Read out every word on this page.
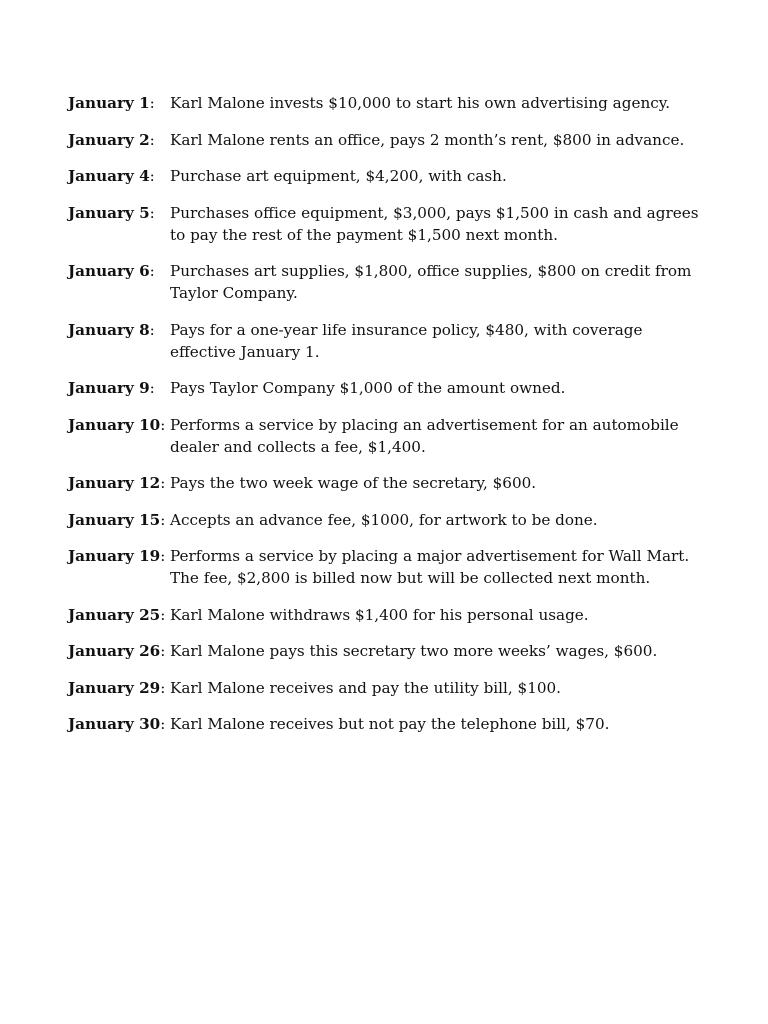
January 1:	Karl Malone invests $10,000 to start his own advertising agency.
January 2:	Karl Malone rents an office, pays 2 month’s rent, $800 in advance.
January 4:	Purchase art equipment, $4,200, with cash.
January 5:	Purchases office equipment, $3,000, pays $1,500 in cash and agrees to pay the rest of the payment $1,500 next month.
January 6:	Purchases art supplies, $1,800, office supplies, $800 on credit from Taylor Company.
January 8:	Pays for a one-year life insurance policy, $480, with coverage effective January 1.
January 9:	Pays Taylor Company $1,000 of the amount owned.
January 10: Performs a service by placing an advertisement for an automobile dealer and collects a fee, $1,400.
January 12: Pays the two week wage of the secretary, $600.
January 15: Accepts an advance fee, $1000, for artwork to be done.
January 19: Performs a service by placing a major advertisement for Wall Mart. The fee, $2,800 is billed now but will be collected next month.
January 25: Karl Malone withdraws $1,400 for his personal usage.
January 26: Karl Malone pays this secretary two more weeks’ wages, $600.
January 29: Karl Malone receives and pay the utility bill, $100.
January 30: Karl Malone receives but not pay the telephone bill, $70.
